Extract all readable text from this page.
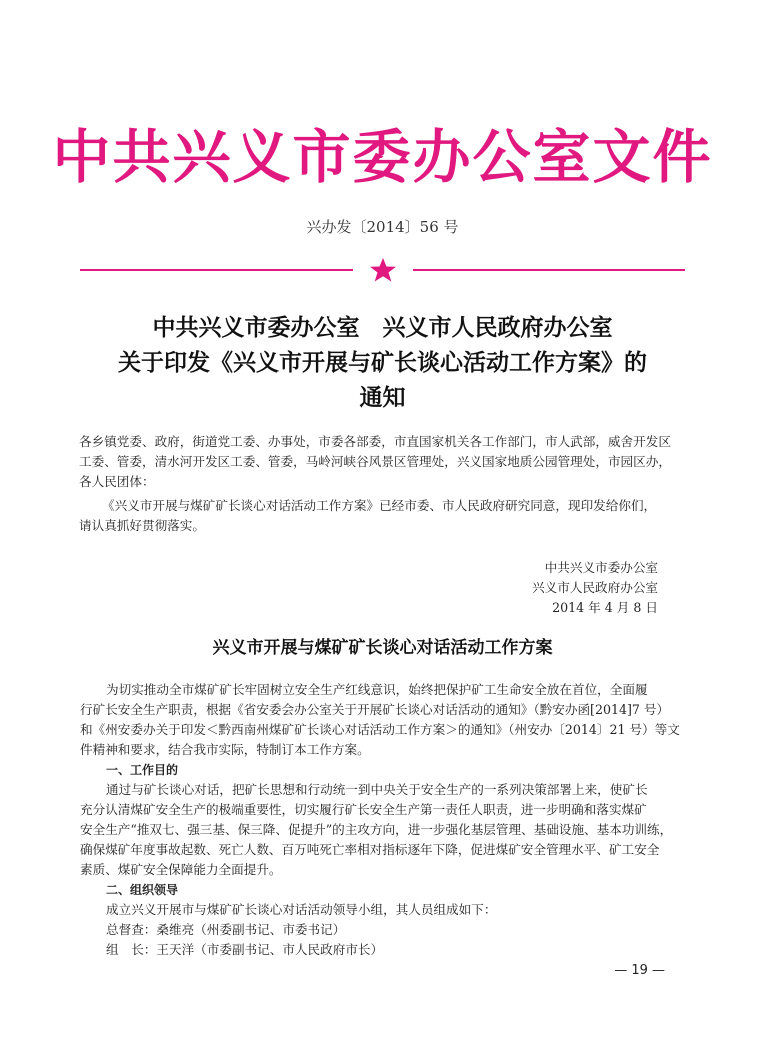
中共兴义市委办公室文件
兴办发〔2014〕56 号
中共兴义市委办公室　兴义市人民政府办公室
关于印发《兴义市开展与矿长谈心活动工作方案》的
通知
各乡镇党委、政府，街道党工委、办事处，市委各部委，市直国家机关各工作部门，市人武部，威舍开发区
工委、管委，清水河开发区工委、管委，马岭河峡谷风景区管理处，兴义国家地质公园管理处，市园区办，
各人民团体：
《兴义市开展与煤矿矿长谈心对话活动工作方案》已经市委、市人民政府研究同意，现印发给你们，
请认真抓好贯彻落实。
中共兴义市委办公室
兴义市人民政府办公室
2014 年 4 月 8 日
兴义市开展与煤矿矿长谈心对话活动工作方案
为切实推动全市煤矿矿长牢固树立安全生产红线意识，始终把保护矿工生命安全放在首位，全面履
行矿长安全生产职责，根据《省安委会办公室关于开展矿长谈心对话活动的通知》（黔安办函[2014]7 号）
和《州安委办关于印发＜黔西南州煤矿矿长谈心对话活动工作方案＞的通知》（州安办〔2014〕21 号）等文
件精神和要求，结合我市实际，特制订本工作方案。
一、工作目的
通过与矿长谈心对话，把矿长思想和行动统一到中央关于安全生产的一系列决策部署上来，使矿长
充分认清煤矿安全生产的极端重要性，切实履行矿长安全生产第一责任人职责，进一步明确和落实煤矿
安全生产“推双七、强三基、保三降、促提升”的主攻方向，进一步强化基层管理、基础设施、基本功训练，
确保煤矿年度事故起数、死亡人数、百万吨死亡率相对指标逐年下降，促进煤矿安全管理水平、矿工安全
素质、煤矿安全保障能力全面提升。
二、组织领导
成立兴义开展市与煤矿矿长谈心对话活动领导小组，其人员组成如下：
总督查：桑维亮（州委副书记、市委书记）
组　长：王天洋（市委副书记、市人民政府市长）
— 19 —
